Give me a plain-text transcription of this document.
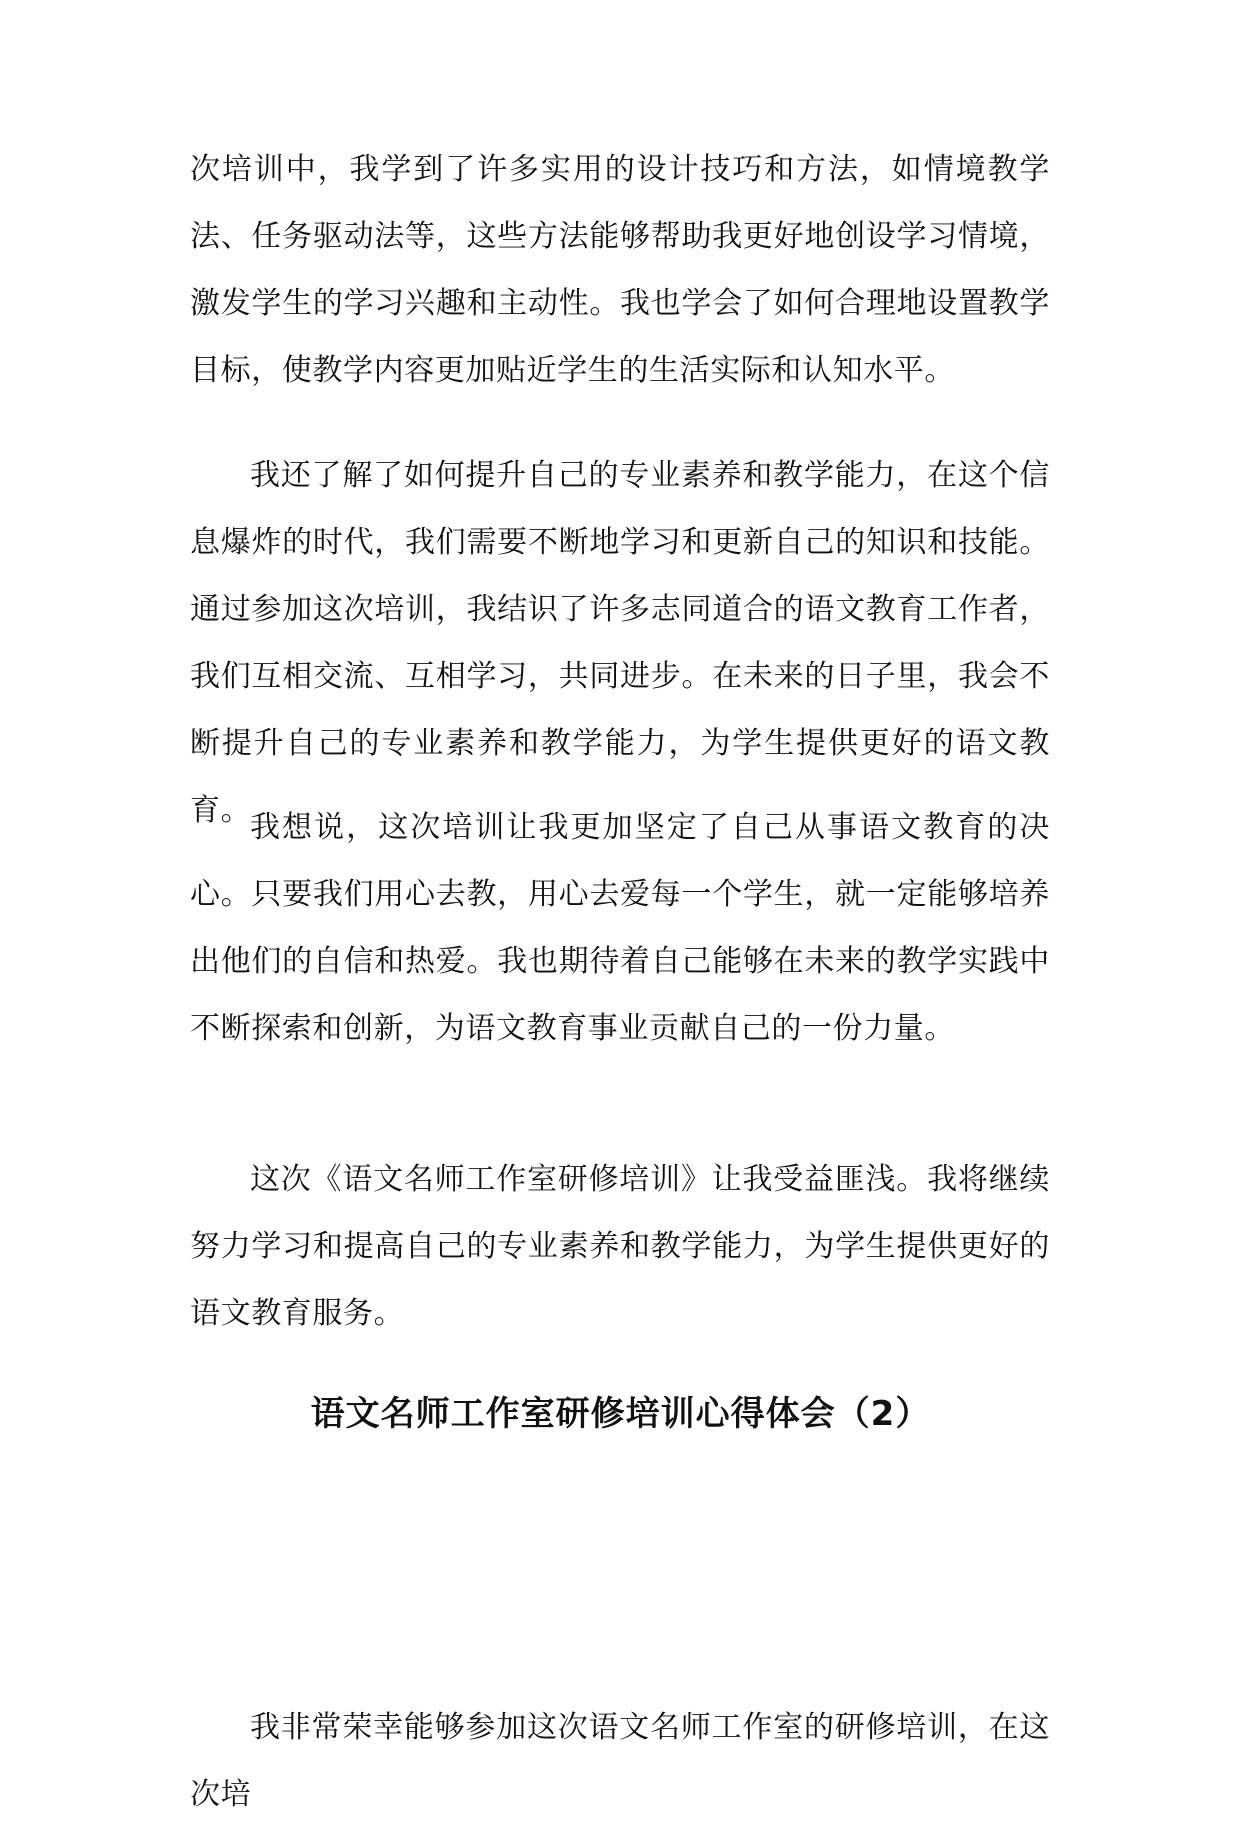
次培训中，我学到了许多实用的设计技巧和方法，如情境教学法、任务驱动法等，这些方法能够帮助我更好地创设学习情境，激发学生的学习兴趣和主动性。我也学会了如何合理地设置教学目标，使教学内容更加贴近学生的生活实际和认知水平。

我还了解了如何提升自己的专业素养和教学能力，在这个信息爆炸的时代，我们需要不断地学习和更新自己的知识和技能。通过参加这次培训，我结识了许多志同道合的语文教育工作者，我们互相交流、互相学习，共同进步。在未来的日子里，我会不断提升自己的专业素养和教学能力，为学生提供更好的语文教育。

我想说，这次培训让我更加坚定了自己从事语文教育的决心。只要我们用心去教，用心去爱每一个学生，就一定能够培养出他们的自信和热爱。我也期待着自己能够在未来的教学实践中不断探索和创新，为语文教育事业贡献自己的一份力量。

这次《语文名师工作室研修培训》让我受益匪浅。我将继续努力学习和提高自己的专业素养和教学能力，为学生提供更好的语文教育服务。

语文名师工作室研修培训心得体会（2）

我非常荣幸能够参加这次语文名师工作室的研修培训，在这次培
